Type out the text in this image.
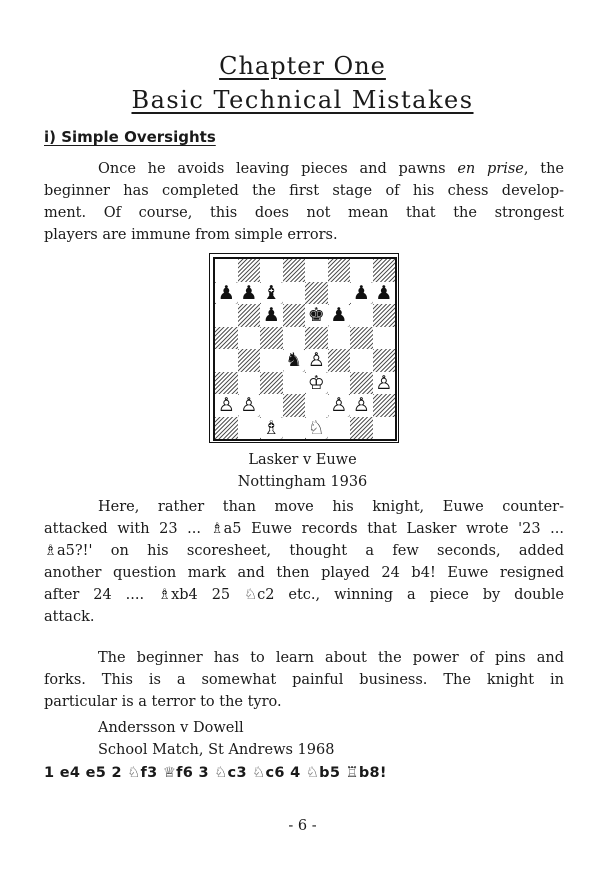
Chapter One
Basic Technical Mistakes
i) Simple Oversights
Once he avoids leaving pieces and pawns en prise, the
beginner has completed the first stage of his chess develop-
ment. Of course, this does not mean that the strongest
players are immune from simple errors.
♟ ♟ ♝	♟ ♟
♟ ♚ ♟
♞ ♙
♔	♙
♙ ♙	♙ ♙
♗ ♘
Lasker v Euwe
Nottingham 1936
Here, rather than move his knight, Euwe counter-
attacked with 23 ... ♗a5 Euwe records that Lasker wrote '23 ...
♗a5?!' on his scoresheet, thought a few seconds, added
another question mark and then played 24 b4! Euwe resigned
after 24 .... ♗xb4 25 ♘c2 etc., winning a piece by double
attack.
The beginner has to learn about the power of pins and
forks. This is a somewhat painful business. The knight in
particular is a terror to the tyro.
Andersson v Dowell
School Match, St Andrews 1968
1 e4 e5 2 ♘f3 ♕f6 3 ♘c3 ♘c6 4 ♘b5 ♖b8!
- 6 -
